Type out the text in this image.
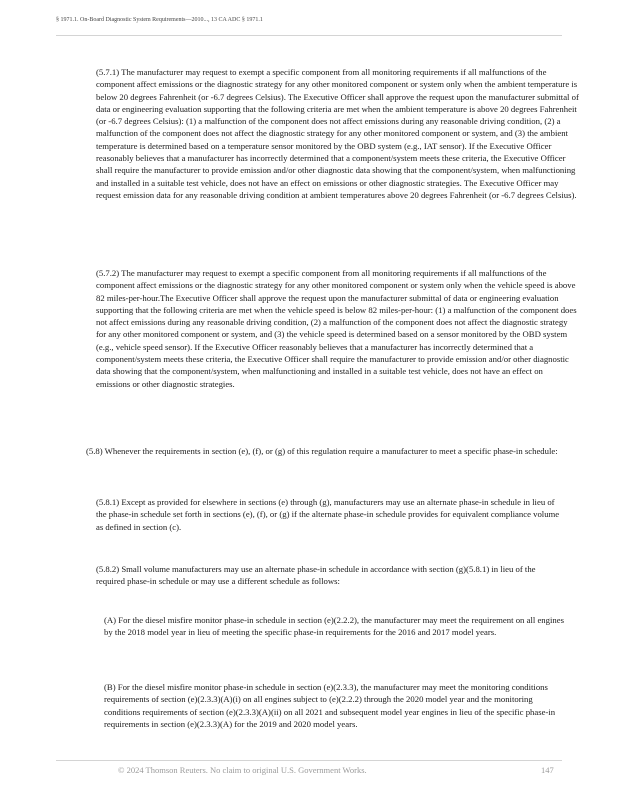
§ 1971.1. On-Board Diagnostic System Requirements—2010..., 13 CA ADC § 1971.1

(5.7.1) The manufacturer may request to exempt a specific component from all monitoring requirements if all malfunctions of the component affect emissions or the diagnostic strategy for any other monitored component or system only when the ambient temperature is below 20 degrees Fahrenheit (or -6.7 degrees Celsius). The Executive Officer shall approve the request upon the manufacturer submittal of data or engineering evaluation supporting that the following criteria are met when the ambient temperature is above 20 degrees Fahrenheit (or -6.7 degrees Celsius): (1) a malfunction of the component does not affect emissions during any reasonable driving condition, (2) a malfunction of the component does not affect the diagnostic strategy for any other monitored component or system, and (3) the ambient temperature is determined based on a temperature sensor monitored by the OBD system (e.g., IAT sensor). If the Executive Officer reasonably believes that a manufacturer has incorrectly determined that a component/system meets these criteria, the Executive Officer shall require the manufacturer to provide emission and/or other diagnostic data showing that the component/system, when malfunctioning and installed in a suitable test vehicle, does not have an effect on emissions or other diagnostic strategies. The Executive Officer may request emission data for any reasonable driving condition at ambient temperatures above 20 degrees Fahrenheit (or -6.7 degrees Celsius).

(5.7.2) The manufacturer may request to exempt a specific component from all monitoring requirements if all malfunctions of the component affect emissions or the diagnostic strategy for any other monitored component or system only when the vehicle speed is above 82 miles-per-hour.The Executive Officer shall approve the request upon the manufacturer submittal of data or engineering evaluation supporting that the following criteria are met when the vehicle speed is below 82 miles-per-hour: (1) a malfunction of the component does not affect emissions during any reasonable driving condition, (2) a malfunction of the component does not affect the diagnostic strategy for any other monitored component or system, and (3) the vehicle speed is determined based on a sensor monitored by the OBD system (e.g., vehicle speed sensor). If the Executive Officer reasonably believes that a manufacturer has incorrectly determined that a component/system meets these criteria, the Executive Officer shall require the manufacturer to provide emission and/or other diagnostic data showing that the component/system, when malfunctioning and installed in a suitable test vehicle, does not have an effect on emissions or other diagnostic strategies.

(5.8) Whenever the requirements in section (e), (f), or (g) of this regulation require a manufacturer to meet a specific phase-in schedule:

(5.8.1) Except as provided for elsewhere in sections (e) through (g), manufacturers may use an alternate phase-in schedule in lieu of the phase-in schedule set forth in sections (e), (f), or (g) if the alternate phase-in schedule provides for equivalent compliance volume as defined in section (c).

(5.8.2) Small volume manufacturers may use an alternate phase-in schedule in accordance with section (g)(5.8.1) in lieu of the required phase-in schedule or may use a different schedule as follows:

(A) For the diesel misfire monitor phase-in schedule in section (e)(2.2.2), the manufacturer may meet the requirement on all engines by the 2018 model year in lieu of meeting the specific phase-in requirements for the 2016 and 2017 model years.

(B) For the diesel misfire monitor phase-in schedule in section (e)(2.3.3), the manufacturer may meet the monitoring conditions requirements of section (e)(2.3.3)(A)(i) on all engines subject to (e)(2.2.2) through the 2020 model year and the monitoring conditions requirements of section (e)(2.3.3)(A)(ii) on all 2021 and subsequent model year engines in lieu of the specific phase-in requirements in section (e)(2.3.3)(A) for the 2019 and 2020 model years.

© 2024 Thomson Reuters. No claim to original U.S. Government Works.	147
